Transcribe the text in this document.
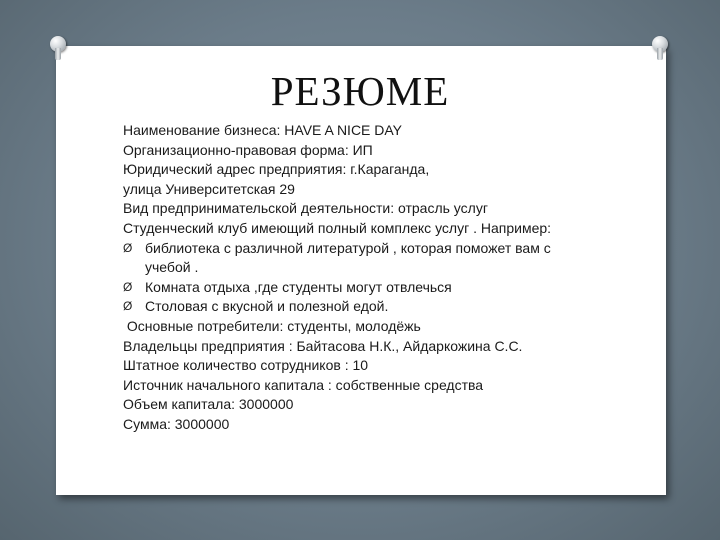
РЕЗЮМЕ
Наименование бизнеса: HAVE A NICE DAY
Организационно-правовая форма: ИП
Юридический адрес предприятия: г.Караганда,
улица Университетская 29
Вид предпринимательской деятельности: отрасль услуг
Студенческий клуб имеющий полный комплекс услуг . Например:
Ø библиотека с различной литературой , которая поможет вам с учебой .
Ø Комната отдыха ,где студенты могут отвлечься
Ø Столовая с вкусной и полезной едой.
Основные потребители: студенты, молодёжь
Владельцы предприятия : Байтасова Н.К., Айдаркожина С.С.
Штатное количество сотрудников : 10
Источник начального капитала : собственные средства
Объем капитала: 3000000
Сумма: 3000000
